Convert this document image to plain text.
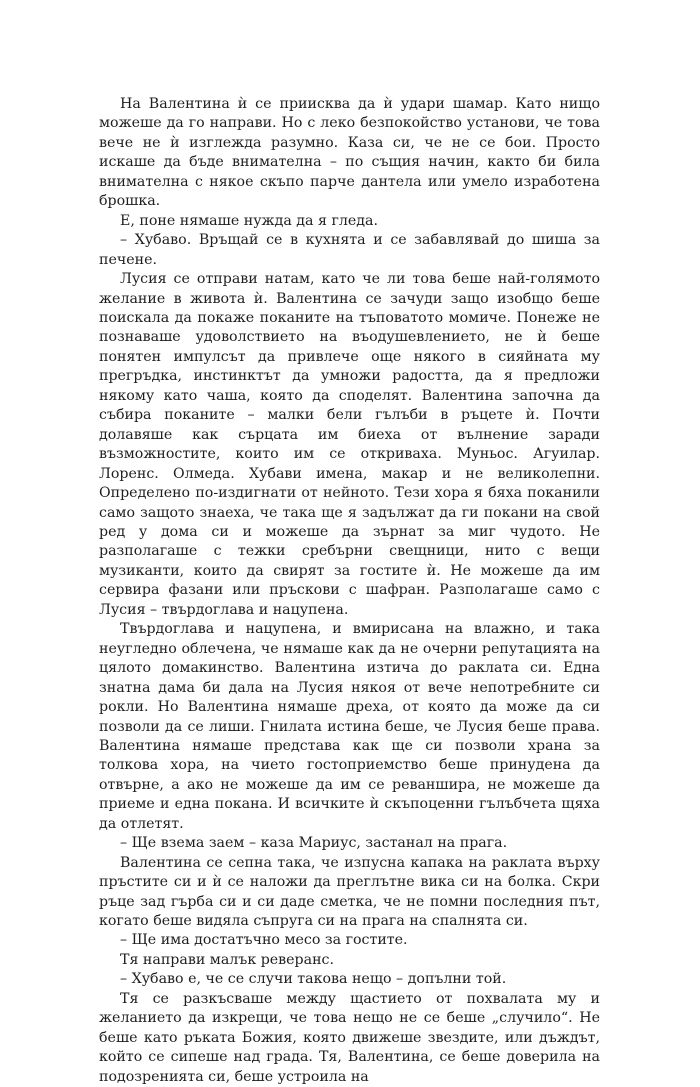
На Валентина ѝ се приисква да ѝ удари шамар. Като нищо можеше да го направи. Но с леко безпокойство установи, че това вече не ѝ изглежда разумно. Каза си, че не се бои. Просто искаше да бъде внимателна – по същия начин, както би била внимателна с някое скъпо парче дантела или умело изработена брошка.

Е, поне нямаше нужда да я гледа.

– Хубаво. Връщай се в кухнята и се забавлявай до шиша за печене.

Лусия се отправи натам, като че ли това беше най-голямото желание в живота ѝ. Валентина се зачуди защо изобщо беше поискала да покаже поканите на тъповатото момиче. Понеже не познаваше удоволствието на въодушевлението, не ѝ беше понятен импулсът да привлече още някого в сияйната му прегръдка, инстинктът да умножи радостта, да я предложи някому като чаша, която да споделят. Валентина започна да събира поканите – малки бели гълъби в ръцете ѝ. Почти долавяше как сърцата им биеха от вълнение заради възможностите, които им се откриваха. Муньос. Агуилар. Лоренс. Олмеда. Хубави имена, макар и не великолепни. Определено по-издигнати от нейното. Тези хора я бяха поканили само защото знаеха, че така ще я задължат да ги покани на свой ред у дома си и можеше да зърнат за миг чудото. Не разполагаше с тежки сребърни свещници, нито с вещи музиканти, които да свирят за гостите ѝ. Не можеше да им сервира фазани или пръскови с шафран. Разполагаше само с Лусия – твърдоглава и нацупена.

Твърдоглава и нацупена, и вмирисана на влажно, и така неугледно облечена, че нямаше как да не очерни репутацията на цялото домакинство. Валентина изтича до раклата си. Една знатна дама би дала на Лусия някоя от вече непотребните си рокли. Но Валентина нямаше дреха, от която да може да си позволи да се лиши. Гнилата истина беше, че Лусия беше права. Валентина нямаше представа как ще си позволи храна за толкова хора, на чието гостоприемство беше принудена да отвърне, а ако не можеше да им се реваншира, не можеше да приеме и една покана. И всичките ѝ скъпоценни гълъбчета щяха да отлетят.

– Ще взема заем – каза Мариус, застанал на прага.

Валентина се сепна така, че изпусна капака на раклата върху пръстите си и ѝ се наложи да преглътне вика си на болка. Скри ръце зад гърба си и си даде сметка, че не помни последния път, когато беше видяла съпруга си на прага на спалнята си.

– Ще има достатъчно месо за гостите.

Тя направи малък реверанс.

– Хубаво е, че се случи такова нещо – допълни той.

Тя се разкъсваше между щастието от похвалата му и желанието да изкрещи, че това нещо не се беше „случило“. Не беше като ръката Божия, която движеше звездите, или дъждът, който се сипеше над града. Тя, Валентина, се беше доверила на подозренията си, беше устроила на
